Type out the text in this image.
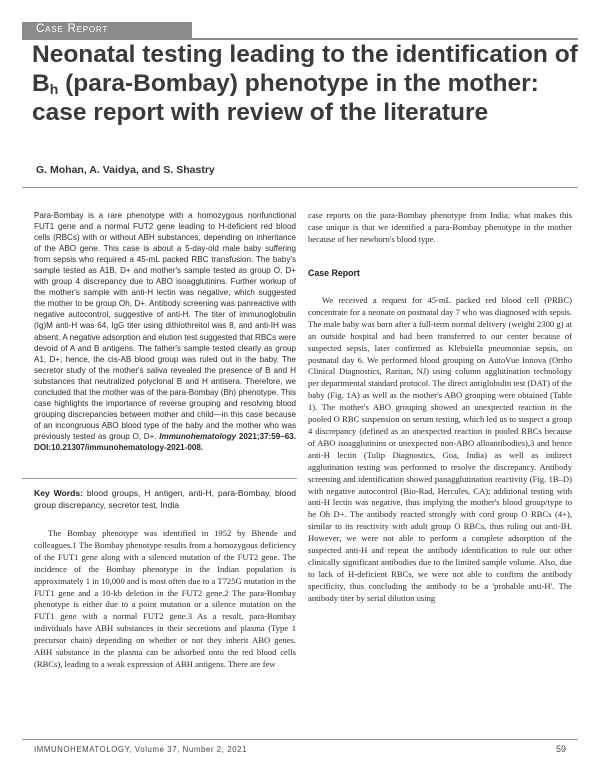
Case Report
Neonatal testing leading to the identification of $B_h$ (para-Bombay) phenotype in the mother: case report with review of the literature
G. Mohan, A. Vaidya, and S. Shastry

Para-Bombay is a rare phenotype with a homozygous nonfunctional FUT1 gene and a normal FUT2 gene leading to H-deficient red blood cells (RBCs) with or without ABH substances, depending on inheritance of the ABO gene. This case is about a 5-day-old male baby suffering from sepsis who required a 45-mL packed RBC transfusion. The baby's sample tested as A1B, D+ and mother's sample tested as group O, D+ with group 4 discrepancy due to ABO isoagglutinins. Further workup of the mother's sample with anti-H lectin was negative, which suggested the mother to be group Oh, D+. Antibody screening was panreactive with negative autocontrol, suggestive of anti-H. The titer of immunoglobulin (Ig)M anti-H was 64, IgG titer using dithiothreitol was 8, and anti-IH was absent. A negative adsorption and elution test suggested that RBCs were devoid of A and B antigens. The father's sample tested clearly as group A1, D+; hence, the cis-AB blood group was ruled out in the baby. The secretor study of the mother's saliva revealed the presence of B and H substances that neutralized polyclonal B and H antisera. Therefore, we concluded that the mother was of the para-Bombay (Bh) phenotype. This case highlights the importance of reverse grouping and resolving blood grouping discrepancies between mother and child—in this case because of an incongruous ABO blood type of the baby and the mother who was previously tested as group O, D+. Immunohematology 2021;37:59–63. DOI:10.21307/immunohematology-2021-008.

Key Words: blood groups, H antigen, anti-H, para-Bombay, blood group discrepancy, secretor test, India

The Bombay phenotype was identified in 1952 by Bhende and colleagues.1 The Bombay phenotype results from a homozygous deficiency of the FUT1 gene along with a silenced mutation of the FUT2 gene. The incidence of the Bombay phenotype in the Indian population is approximately 1 in 10,000 and is most often due to a T725G mutation in the FUT1 gene and a 10-kb deletion in the FUT2 gene.2 The para-Bombay phenotype is either due to a point mutation or a silence mutation on the FUT1 gene with a normal FUT2 gene.3 As a result, para-Bombay individuals have ABH substances in their secretions and plasma (Type 1 precursor chain) depending on whether or not they inherit ABO genes. ABH substance in the plasma can be adsorbed onto the red blood cells (RBCs), leading to a weak expression of ABH antigens. There are few

case reports on the para-Bombay phenotype from India; what makes this case unique is that we identified a para-Bombay phenotype in the mother because of her newborn's blood type.

Case Report

We received a request for 45-mL packed red blood cell (PRBC) concentrate for a neonate on postnatal day 7 who was diagnosed with sepsis. The male baby was born after a full-term normal delivery (weight 2300 g) at an outside hospital and had been transferred to our center because of suspected sepsis, later confirmed as Klebsiella pneumoniae sepsis, on postnatal day 6. We performed blood grouping on AutoVue Innova (Ortho Clinical Diagnostics, Raritan, NJ) using column agglutination technology per departmental standard protocol. The direct antiglobulin test (DAT) of the baby (Fig. 1A) as well as the mother's ABO grouping were obtained (Table 1). The mother's ABO grouping showed an unexpected reaction in the pooled O RBC suspension on serum testing, which led us to suspect a group 4 discrepancy (defined as an unexpected reaction in pooled RBCs because of ABO isoagglutinins or unexpected non-ABO alloantibodies),3 and hence anti-H lectin (Tulip Diagnostics, Goa, India) as well as indirect agglutination testing was performed to resolve the discrepancy. Antibody screening and identification showed panagglutination reactivity (Fig. 1B–D) with negative autocontrol (Bio-Rad, Hercules, CA); additional testing with anti-H lectin was negative, thus implying the mother's blood group/type to be Oh D+. The antibody reacted strongly with cord group O RBCs (4+), similar to its reactivity with adult group O RBCs, thus ruling out anti-IH. However, we were not able to perform a complete adsorption of the suspected anti-H and repeat the antibody identification to rule out other clinically significant antibodies due to the limited sample volume. Also, due to lack of H-deficient RBCs, we were not able to confirm the antibody specificity, thus concluding the antibody to be a 'probable anti-H'. The antibody titer by serial dilution using

IMMUNOHEMATOLOGY, Volume 37, Number 2, 2021	59
